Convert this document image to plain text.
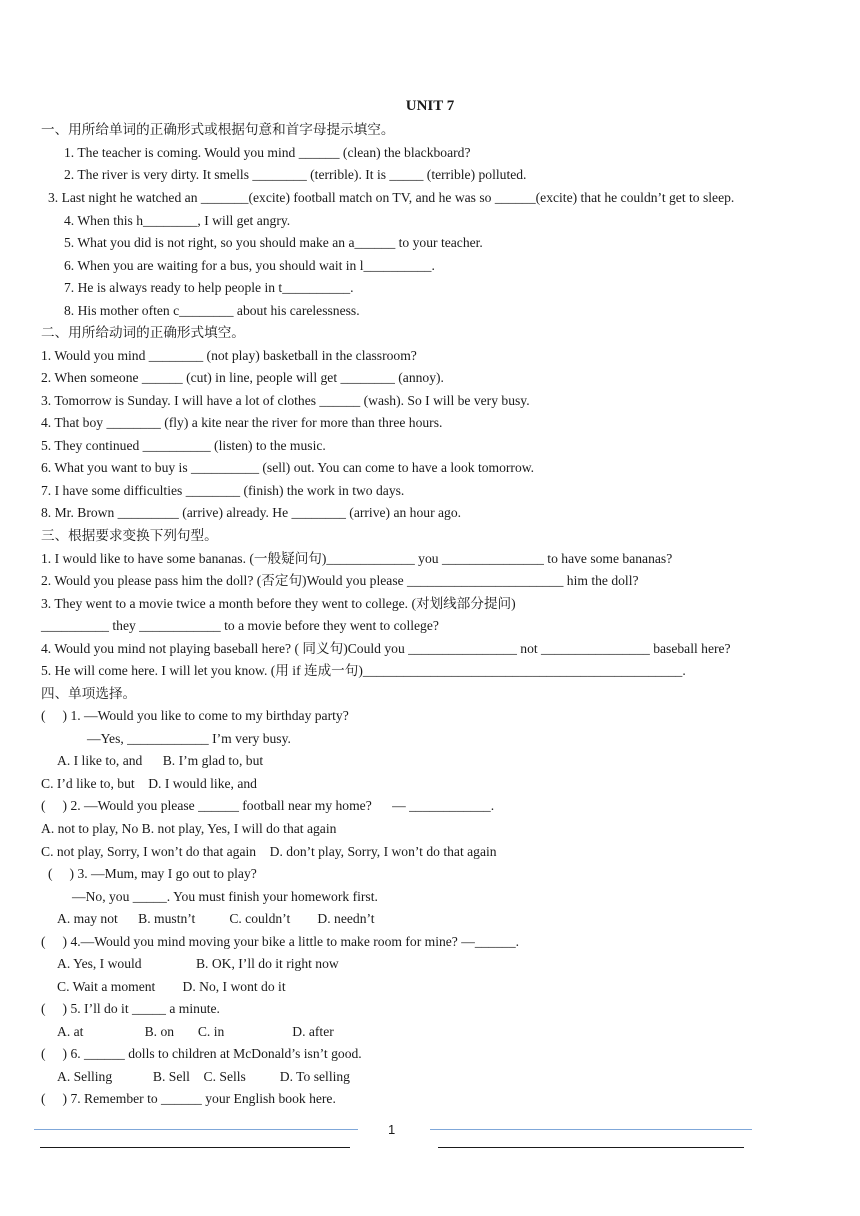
UNIT 7
一、用所给单词的正确形式或根据句意和首字母提示填空。
1. The teacher is coming. Would you mind ______ (clean) the blackboard?
2. The river is very dirty. It smells ________ (terrible). It is _____ (terrible) polluted.
3. Last night he watched an _______(excite) football match on TV, and he was so ______(excite) that he couldn’t get to sleep.
4. When this h________, I will get angry.
5. What you did is not right, so you should make an a______ to your teacher.
6. When you are waiting for a bus, you should wait in l__________.
7. He is always ready to help people in t__________.
8. His mother often c________ about his carelessness.
二、用所给动词的正确形式填空。
1. Would you mind ________ (not play) basketball in the classroom?
2. When someone ______ (cut) in line, people will get ________ (annoy).
3. Tomorrow is Sunday. I will have a lot of clothes ______ (wash). So I will be very busy.
4. That boy ________ (fly) a kite near the river for more than three hours.
5. They continued __________ (listen) to the music.
6. What you want to buy is __________ (sell) out. You can come to have a look tomorrow.
7. I have some difficulties ________ (finish) the work in two days.
8. Mr. Brown _________ (arrive) already. He ________ (arrive) an hour ago.
三、根据要求变换下列句型。
1. I would like to have some bananas. (一般疑问句)_____________ you _______________ to have some bananas?
2. Would you please pass him the doll? (否定句)Would you please _______________________ him the doll?
3. They went to a movie twice a month before they went to college. (对划线部分提问)
__________ they ____________ to a movie before they went to college?
4. Would you mind not playing baseball here? ( 同义句)Could you ________________ not ________________ baseball here?
5. He will come here. I will let you know. (用 if 连成一句)_______________________________________________.
四、单项选择。
(     ) 1. —Would you like to come to my birthday party?
—Yes, ____________ I’m very busy.
A. I like to, and      B. I’m glad to, but
C. I’d like to, but    D. I would like, and
(     ) 2. —Would you please ______ football near my home?      — ____________.
A. not to play, No B. not play, Yes, I will do that again
C. not play, Sorry, I won’t do that again    D. don’t play, Sorry, I won’t do that again
(     ) 3. —Mum, may I go out to play?
—No, you _____. You must finish your homework first.
A. may not      B. mustn’t          C. couldn’t        D. needn’t
(     ) 4.—Would you mind moving your bike a little to make room for mine? —______.
A. Yes, I would                B. OK, I’ll do it right now
C. Wait a moment        D. No, I wont do it
(     ) 5. I’ll do it _____ a minute.
A. at                  B. on       C. in                    D. after
(     ) 6. ______ dolls to children at McDonald’s isn’t good.
A. Selling            B. Sell    C. Sells          D. To selling
(     ) 7. Remember to ______ your English book here.
1
